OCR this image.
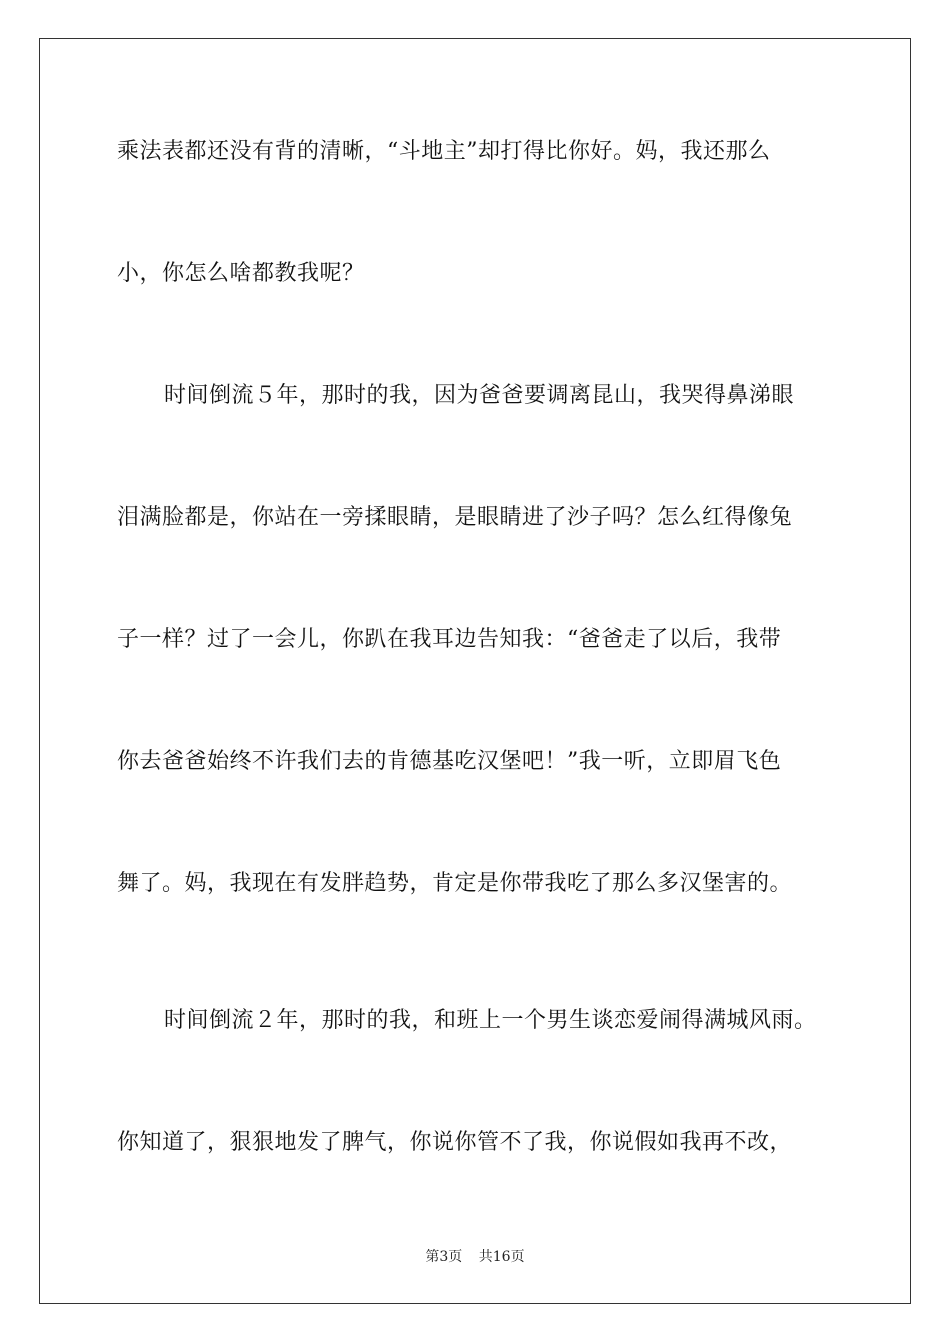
乘法表都还没有背的清晰，“斗地主”却打得比你好。妈，我还那么
小，你怎么啥都教我呢？
时间倒流５年，那时的我，因为爸爸要调离昆山，我哭得鼻涕眼
泪满脸都是，你站在一旁揉眼睛，是眼睛进了沙子吗？怎么红得像兔
子一样？过了一会儿，你趴在我耳边告知我：“爸爸走了以后，我带
你去爸爸始终不许我们去的肯德基吃汉堡吧！”我一听，立即眉飞色
舞了。妈，我现在有发胖趋势，肯定是你带我吃了那么多汉堡害的。
时间倒流２年，那时的我，和班上一个男生谈恋爱闹得满城风雨。
你知道了，狠狠地发了脾气，你说你管不了我，你说假如我再不改，
第3页 共16页
